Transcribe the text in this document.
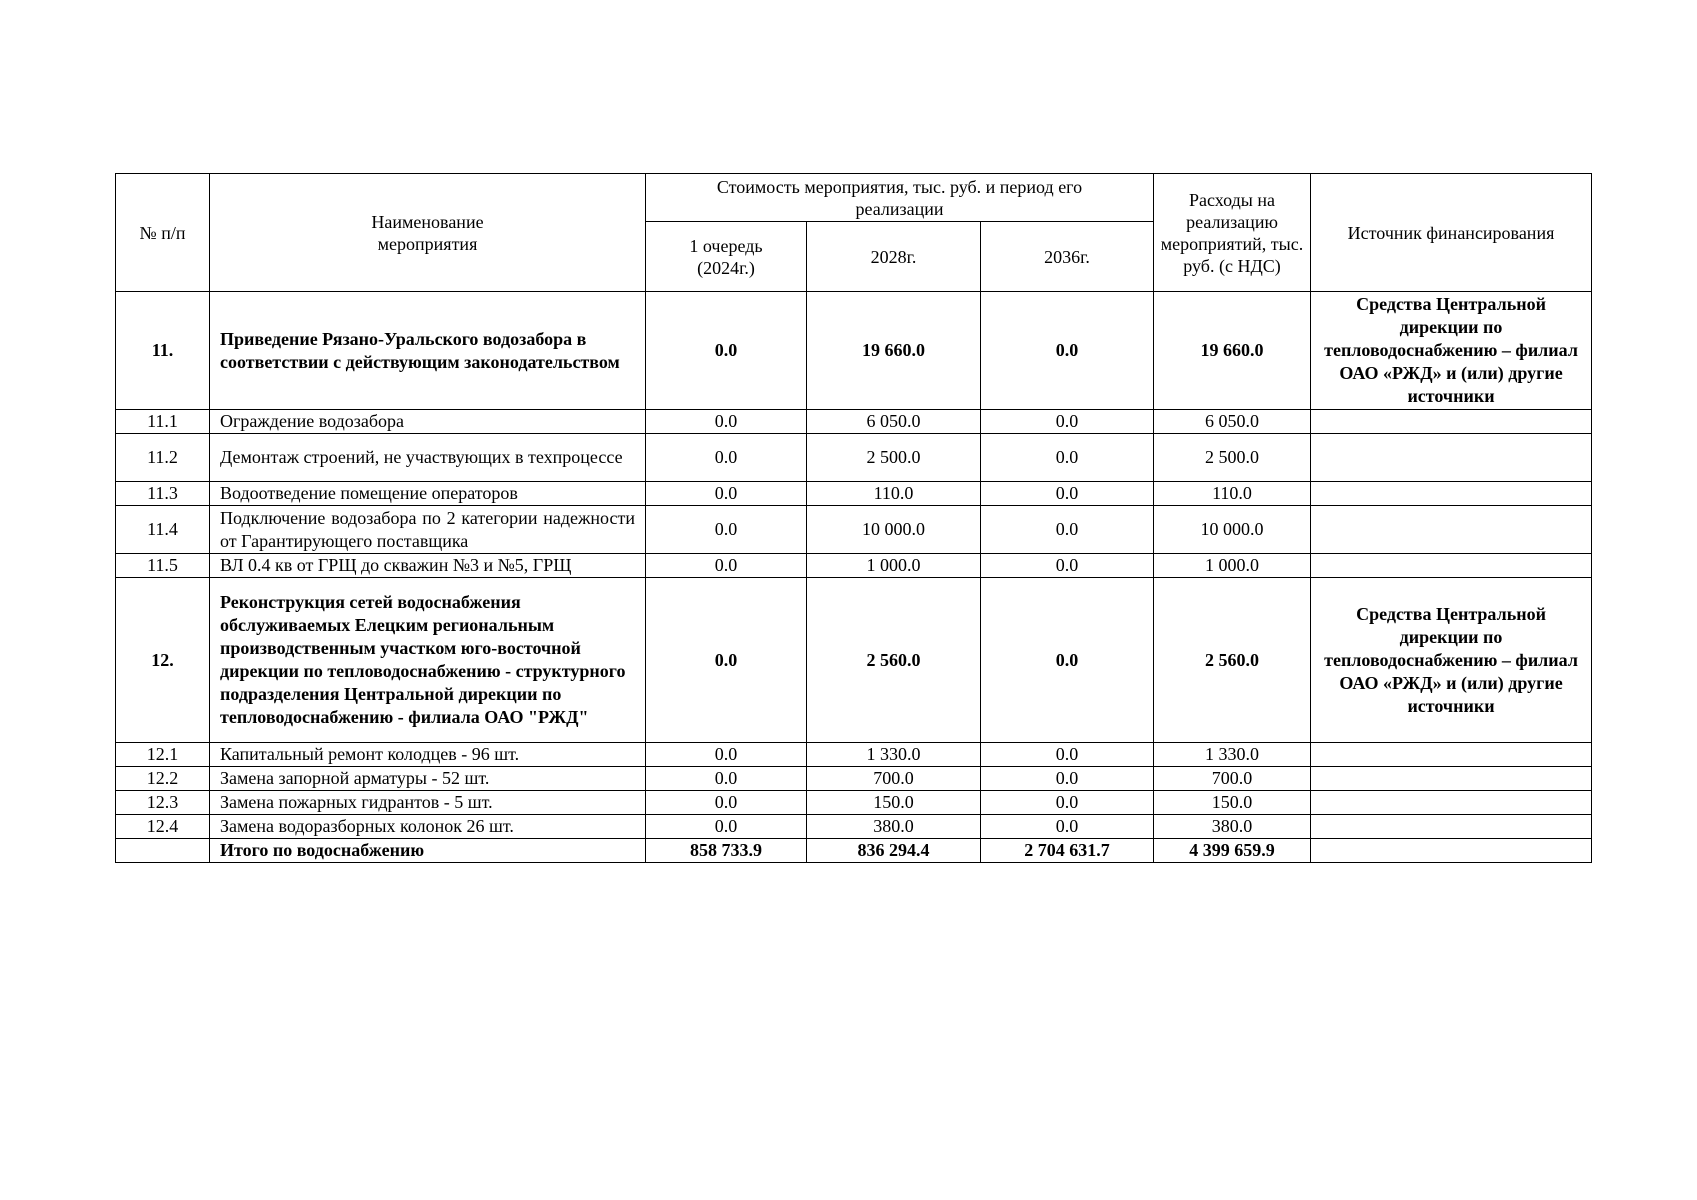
№ п/п	Наименование мероприятия	Стоимость мероприятия, тыс. руб. и период его реализации			Расходы на реализацию мероприятий, тыс. руб. (с НДС)	Источник финансирования
		1 очередь (2024г.)	2028г.	2036г.		
11.	Приведение Рязано-Уральского водозабора в соответствии с действующим законодательством	0.0	19 660.0	0.0	19 660.0	Средства Центральной дирекции по тепловодоснабжению – филиал ОАО «РЖД» и (или) другие источники
11.1	Ограждение водозабора	0.0	6 050.0	0.0	6 050.0	
11.2	Демонтаж строений, не участвующих в техпроцессе	0.0	2 500.0	0.0	2 500.0	
11.3	Водоотведение помещение операторов	0.0	110.0	0.0	110.0	
11.4	Подключение водозабора по 2 категории надежности от Гарантирующего поставщика	0.0	10 000.0	0.0	10 000.0	
11.5	ВЛ 0.4 кв от ГРЩ до скважин №3 и №5, ГРЩ	0.0	1 000.0	0.0	1 000.0	
12.	Реконструкция сетей водоснабжения обслуживаемых Елецким региональным производственным участком юго-восточной дирекции по тепловодоснабжению - структурного подразделения Центральной дирекции по тепловодоснабжению - филиала ОАО "РЖД"	0.0	2 560.0	0.0	2 560.0	Средства Центральной дирекции по тепловодоснабжению – филиал ОАО «РЖД» и (или) другие источники
12.1	Капитальный ремонт колодцев - 96 шт.	0.0	1 330.0	0.0	1 330.0	
12.2	Замена запорной арматуры - 52 шт.	0.0	700.0	0.0	700.0	
12.3	Замена пожарных гидрантов - 5 шт.	0.0	150.0	0.0	150.0	
12.4	Замена водоразборных колонок 26 шт.	0.0	380.0	0.0	380.0	
	Итого по водоснабжению	858 733.9	836 294.4	2 704 631.7	4 399 659.9	
